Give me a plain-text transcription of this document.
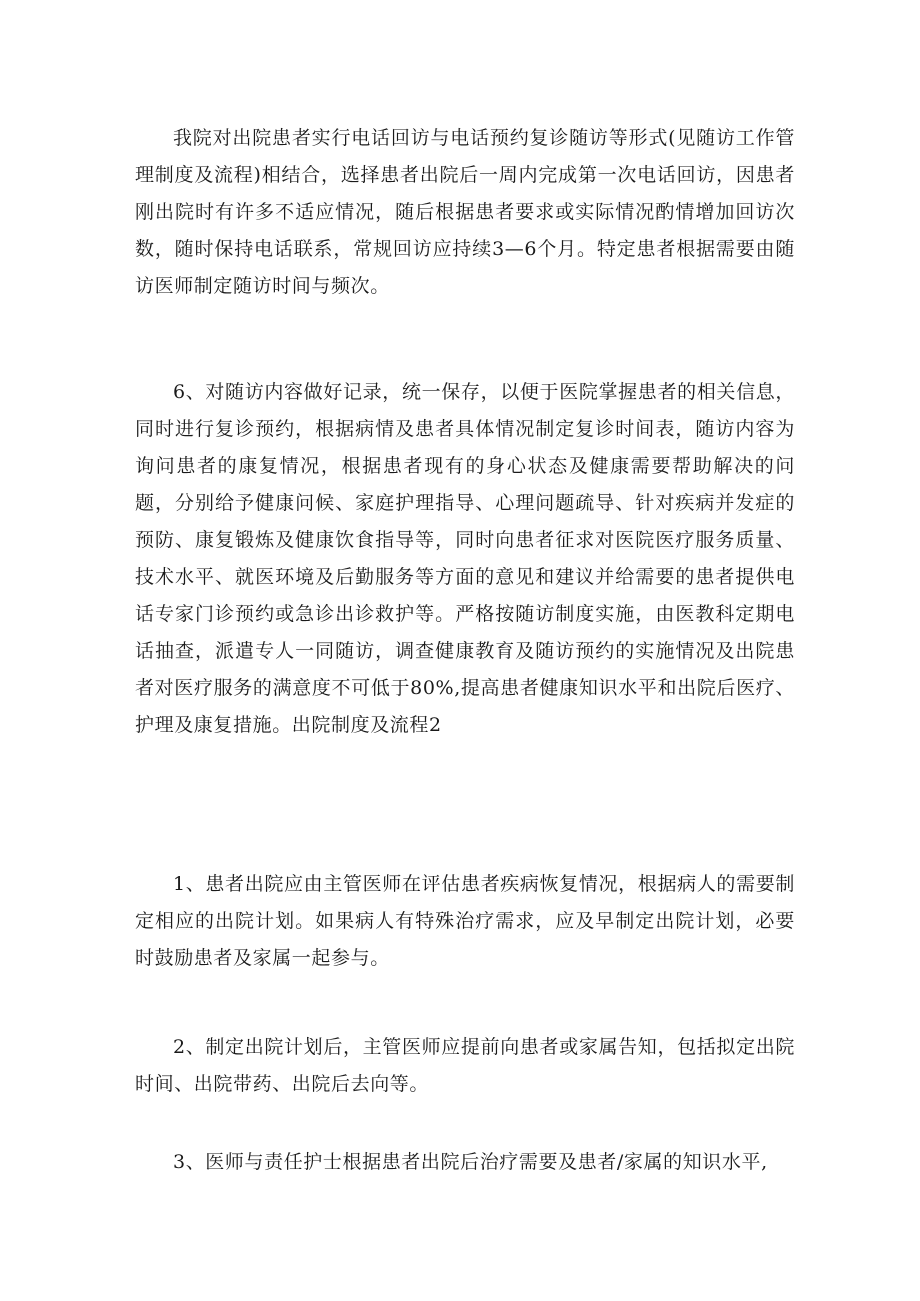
我院对出院患者实行电话回访与电话预约复诊随访等形式(见随访工作管理制度及流程)相结合，选择患者出院后一周内完成第一次电话回访，因患者刚出院时有许多不适应情况，随后根据患者要求或实际情况酌情增加回访次数，随时保持电话联系，常规回访应持续3—6个月。特定患者根据需要由随访医师制定随访时间与频次。

6、对随访内容做好记录，统一保存，以便于医院掌握患者的相关信息，同时进行复诊预约，根据病情及患者具体情况制定复诊时间表，随访内容为询问患者的康复情况，根据患者现有的身心状态及健康需要帮助解决的问题，分别给予健康问候、家庭护理指导、心理问题疏导、针对疾病并发症的预防、康复锻炼及健康饮食指导等，同时向患者征求对医院医疗服务质量、技术水平、就医环境及后勤服务等方面的意见和建议并给需要的患者提供电话专家门诊预约或急诊出诊救护等。严格按随访制度实施，由医教科定期电话抽查，派遣专人一同随访，调查健康教育及随访预约的实施情况及出院患者对医疗服务的满意度不可低于80%,提高患者健康知识水平和出院后医疗、护理及康复措施。出院制度及流程2

1、患者出院应由主管医师在评估患者疾病恢复情况，根据病人的需要制定相应的出院计划。如果病人有特殊治疗需求，应及早制定出院计划，必要时鼓励患者及家属一起参与。

2、制定出院计划后，主管医师应提前向患者或家属告知，包括拟定出院时间、出院带药、出院后去向等。

3、医师与责任护士根据患者出院后治疗需要及患者/家属的知识水平,
